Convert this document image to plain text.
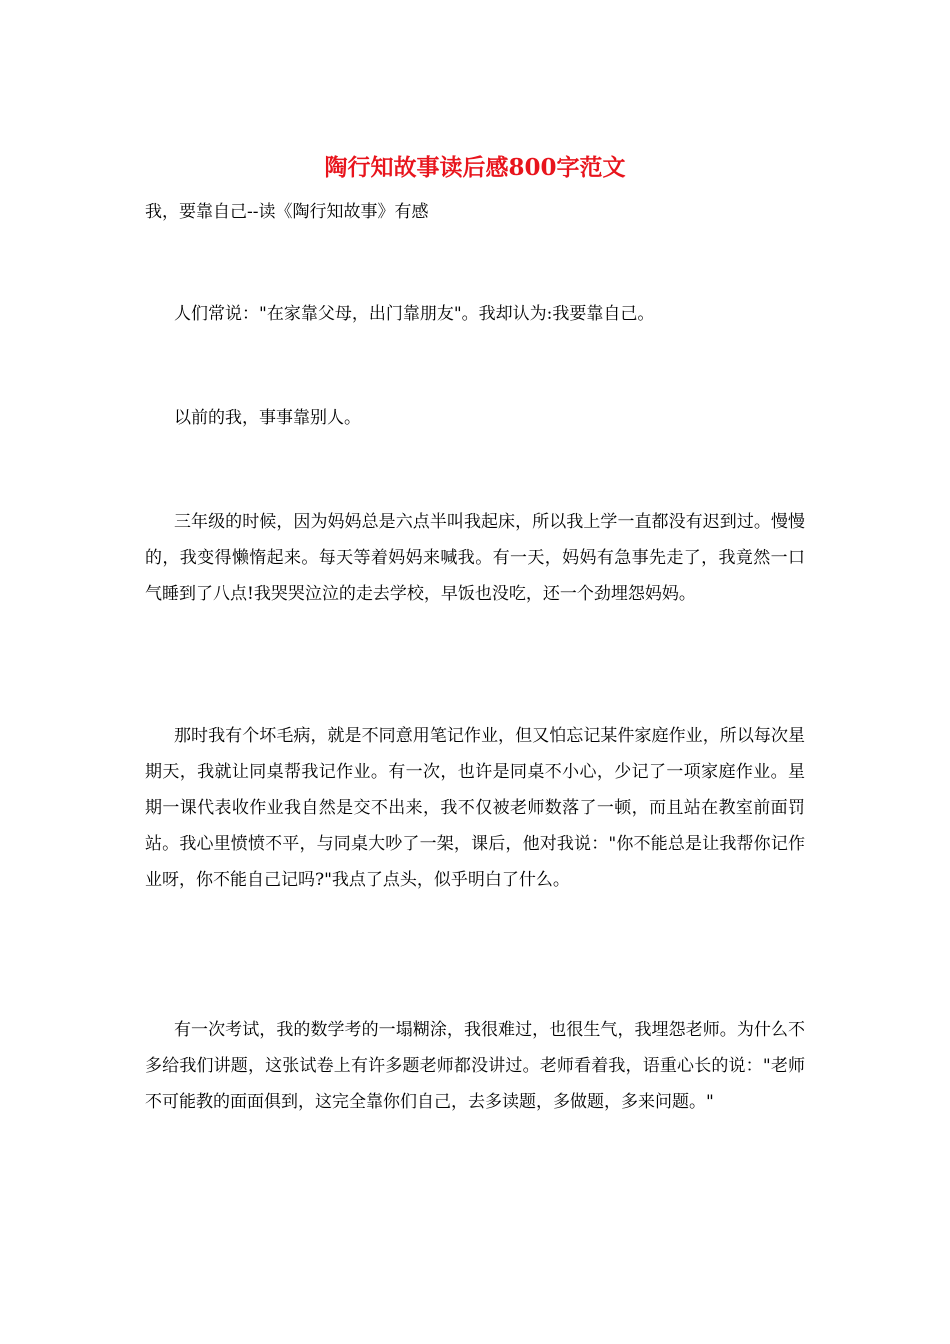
陶行知故事读后感800字范文

我，要靠自己--读《陶行知故事》有感

人们常说："在家靠父母，出门靠朋友"。我却认为:我要靠自己。

以前的我，事事靠别人。

三年级的时候，因为妈妈总是六点半叫我起床，所以我上学一直都没有迟到过。慢慢的，我变得懒惰起来。每天等着妈妈来喊我。有一天，妈妈有急事先走了，我竟然一口气睡到了八点!我哭哭泣泣的走去学校，早饭也没吃，还一个劲埋怨妈妈。

那时我有个坏毛病，就是不同意用笔记作业，但又怕忘记某件家庭作业，所以每次星期天，我就让同桌帮我记作业。有一次，也许是同桌不小心，少记了一项家庭作业。星期一课代表收作业我自然是交不出来，我不仅被老师数落了一顿，而且站在教室前面罚站。我心里愤愤不平，与同桌大吵了一架，课后，他对我说："你不能总是让我帮你记作业呀，你不能自己记吗?"我点了点头，似乎明白了什么。

有一次考试，我的数学考的一塌糊涂，我很难过，也很生气，我埋怨老师。为什么不多给我们讲题，这张试卷上有许多题老师都没讲过。老师看着我，语重心长的说："老师不可能教的面面俱到，这完全靠你们自己，去多读题，多做题，多来问题。"
